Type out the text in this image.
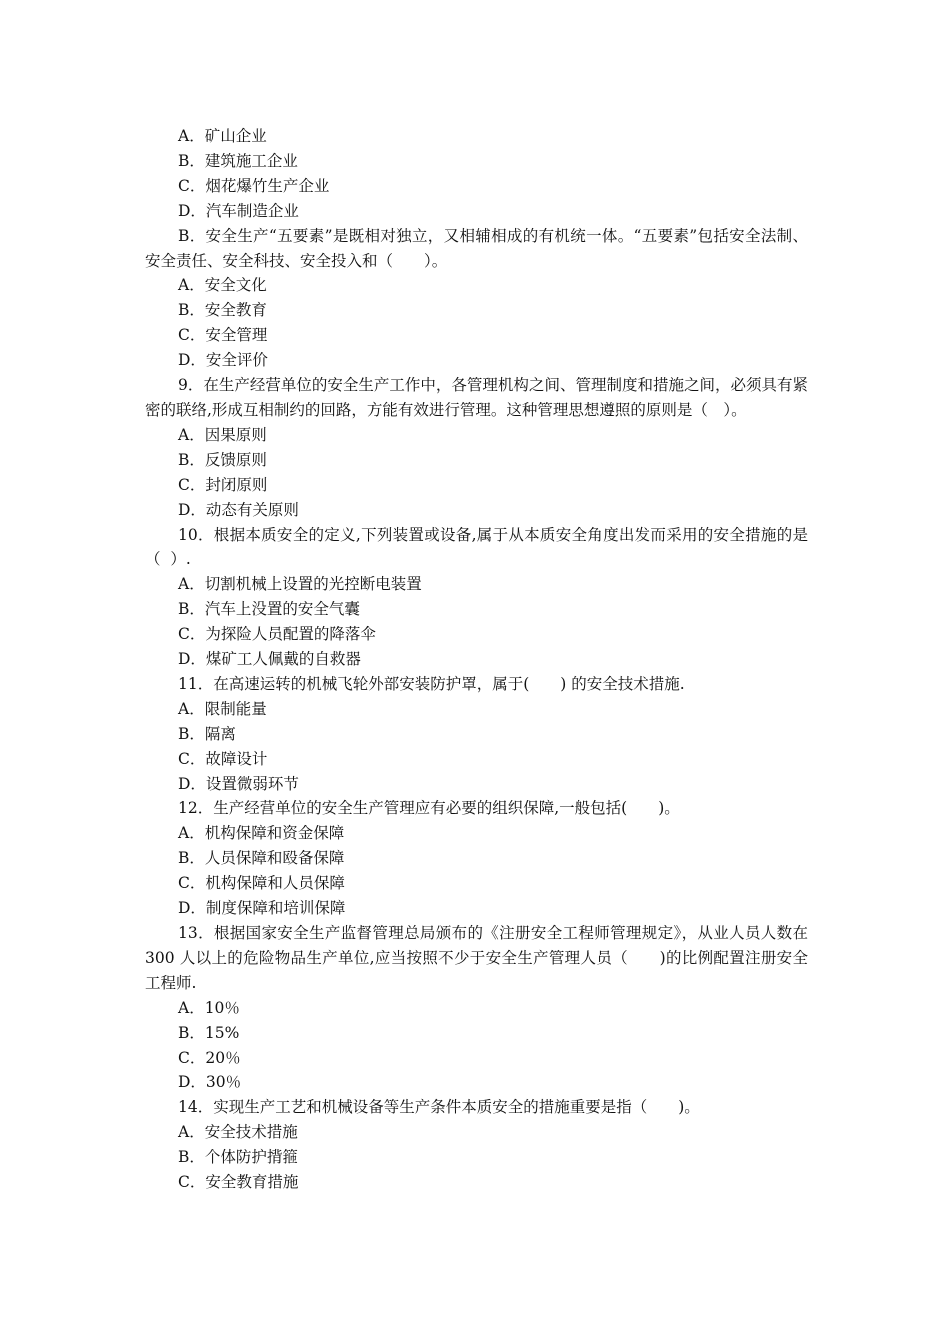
A．矿山企业

B．建筑施工企业

C．烟花爆竹生产企业

D．汽车制造企业

B．安全生产“五要素”是既相对独立，又相辅相成的有机统一体。“五要素”包括安全法制、安全责任、安全科技、安全投入和（　　）。

A．安全文化

B．安全教育

C．安全管理

D．安全评价

9．在生产经营单位的安全生产工作中，各管理机构之间、管理制度和措施之间，必须具有紧密的联络,形成互相制约的回路，方能有效进行管理。这种管理思想遵照的原则是（　）。

A．因果原则

B．反馈原则

C．封闭原则

D．动态有关原则

10．根据本质安全的定义,下列装置或设备,属于从本质安全角度出发而采用的安全措施的是（  ）.

A．切割机械上设置的光控断电装置

B．汽车上没置的安全气囊

C．为探险人员配置的降落伞

D．煤矿工人佩戴的自救器

11．在高速运转的机械飞轮外部安装防护罩，属于(　　) 的安全技术措施.

A．限制能量

B．隔离

C．故障设计

D．设置微弱环节

12．生产经营单位的安全生产管理应有必要的组织保障,一般包括(　　)。

A．机构保障和资金保障

B．人员保障和殴备保障

C．机构保障和人员保障

D．制度保障和培训保障

13．根据国家安全生产监督管理总局颁布的《注册安全工程师管理规定》，从业人员人数在 300 人以上的危险物品生产单位,应当按照不少于安全生产管理人员（　　)的比例配置注册安全工程师.

A．10％

B．15%

C．20％

D．30％

14．实现生产工艺和机械设备等生产条件本质安全的措施重要是指（　　)。

A．安全技术措施

B．个体防护揹箍

C．安全教育措施
